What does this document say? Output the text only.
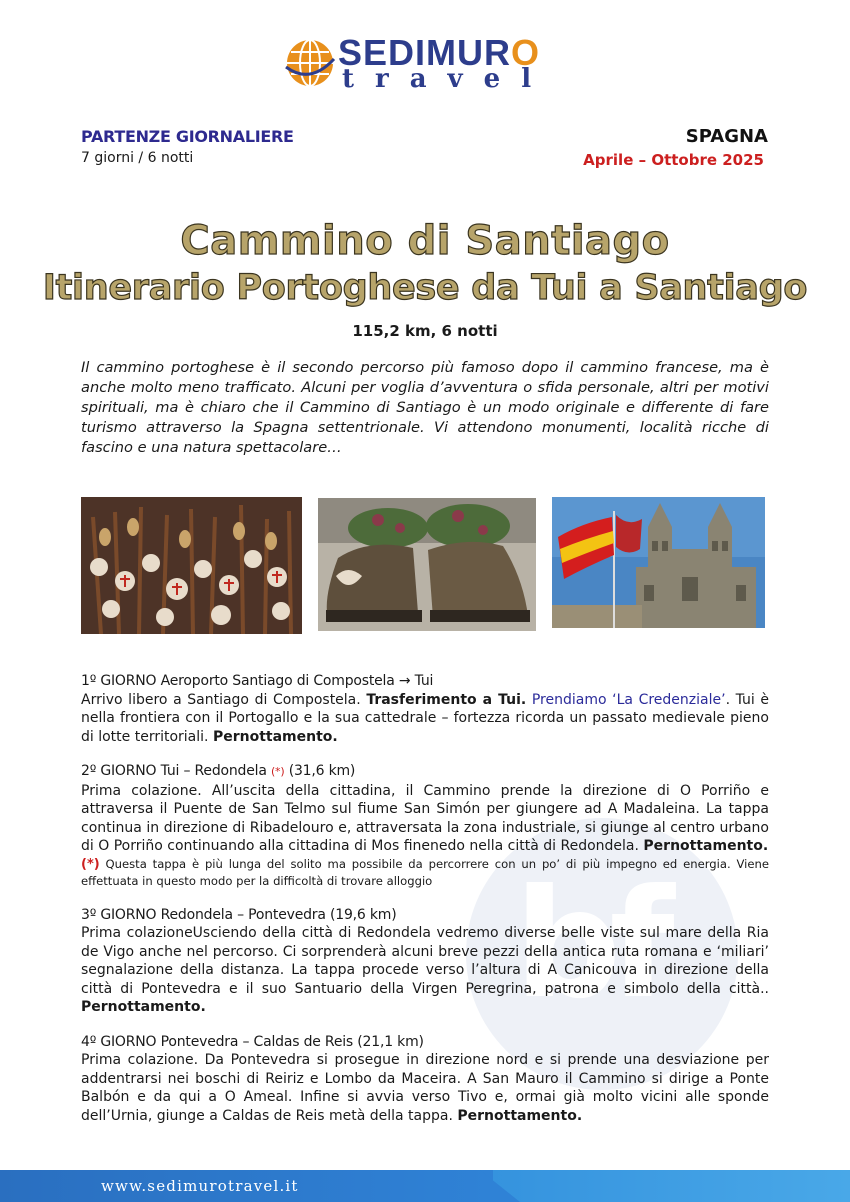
SEDIMURO
travel
PARTENZE GIORNALIERE
7 giorni / 6 notti
SPAGNA
Aprile – Ottobre 2025
Cammino di Santiago
Itinerario Portoghese da Tui a Santiago
115,2 km, 6 notti
Il cammino portoghese è il secondo percorso più famoso dopo il cammino francese, ma è anche molto meno trafficato. Alcuni per voglia d’avventura o sfida personale, altri per motivi spirituali, ma è chiaro che il Cammino di Santiago è un modo originale e differente di fare turismo attraverso la Spagna settentrionale. Vi attendono monumenti, località ricche di fascino e una natura spettacolare…
bf
1º GIORNO Aeroporto Santiago di Compostela → Tui

Arrivo libero a Santiago di Compostela. Trasferimento a Tui. Prendiamo ‘La Credenziale’. Tui è nella frontiera con il Portogallo e la sua cattedrale – fortezza ricorda un passato medievale pieno di lotte territoriali. Pernottamento.

2º GIORNO Tui – Redondela (*) (31,6 km)

Prima colazione. All’uscita della cittadina, il Cammino prende la direzione di O Porriño e attraversa il Puente de San Telmo sul fiume San Simón per giungere ad A Madaleina. La tappa continua in direzione di Ribadelouro e, attraversata la zona industriale, si giunge al centro urbano di O Porriño continuando alla cittadina di Mos finenedo nella città di Redondela. Pernottamento.

(*) Questa tappa è più lunga del solito ma possibile da percorrere con un po’ di più impegno ed energia. Viene effettuata in questo modo per la difficoltà di trovare alloggio

3º GIORNO Redondela – Pontevedra (19,6 km)

Prima colazioneUsciendo della città di Redondela vedremo diverse belle viste sul mare della Ria de Vigo anche nel percorso. Ci sorprenderà alcuni breve pezzi della antica ruta romana e ‘miliari’ segnalazione della distanza. La tappa procede verso l’altura di A Canicouva in direzione della città di Pontevedra e il suo Santuario della Virgen Peregrina, patrona e simbolo della città.. Pernottamento.

4º GIORNO Pontevedra – Caldas de Reis (21,1 km)

Prima colazione. Da Pontevedra si prosegue in direzione nord e si prende una desviazione per addentrarsi nei boschi di Reiriz e Lombo da Maceira. A San Mauro il Cammino si dirige a Ponte Balbón e da qui a O Ameal. Infine si avvia verso Tivo e, ormai già molto vicini alle sponde dell’Urnia, giunge a Caldas de Reis metà della tappa. Pernottamento.

www.sedimurotravel.it
